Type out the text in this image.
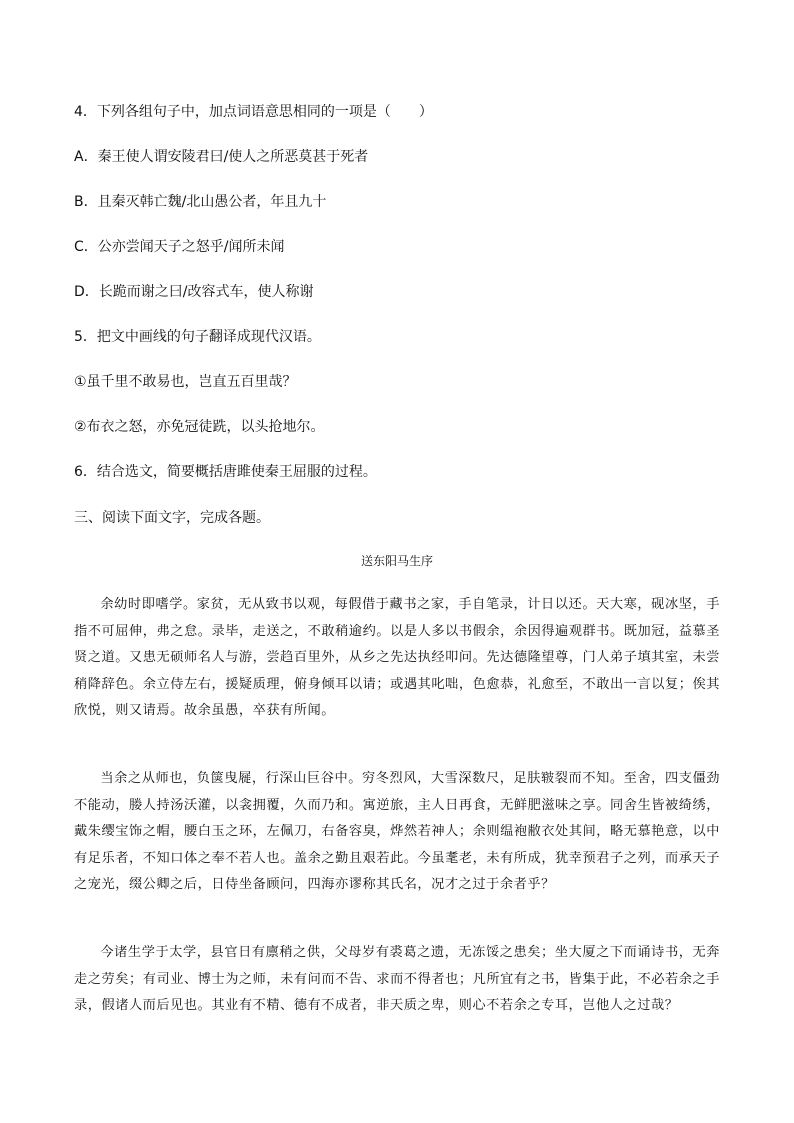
4．下列各组句子中，加点词语意思相同的一项是（　　）
A．秦王使人谓安陵君曰/使人之所恶莫甚于死者
B．且秦灭韩亡魏/北山愚公者，年且九十
C．公亦尝闻天子之怒乎/闻所未闻
D．长跪而谢之曰/改容式车，使人称谢
5．把文中画线的句子翻译成现代汉语。
①虽千里不敢易也，岂直五百里哉？
②布衣之怒，亦免冠徒跣，以头抢地尔。
6．结合选文，简要概括唐雎使秦王屈服的过程。
三、阅读下面文字，完成各题。
送东阳马生序

余幼时即嗜学。家贫，无从致书以观，每假借于藏书之家，手自笔录，计日以还。天大寒，砚冰坚，手指不可屈伸，弗之怠。录毕，走送之，不敢稍逾约。以是人多以书假余，余因得遍观群书。既加冠，益慕圣贤之道。又患无硕师名人与游，尝趋百里外，从乡之先达执经叩问。先达德隆望尊，门人弟子填其室，未尝稍降辞色。余立侍左右，援疑质理，俯身倾耳以请；或遇其叱咄，色愈恭，礼愈至，不敢出一言以复；俟其欣悦，则又请焉。故余虽愚，卒获有所闻。

当余之从师也，负箧曳屣，行深山巨谷中。穷冬烈风，大雪深数尺，足肤皲裂而不知。至舍，四支僵劲不能动，媵人持汤沃灌，以衾拥覆，久而乃和。寓逆旅，主人日再食，无鲜肥滋味之享。同舍生皆被绮绣，戴朱缨宝饰之帽，腰白玉之环，左佩刀，右备容臭，烨然若神人；余则缊袍敝衣处其间，略无慕艳意，以中有足乐者，不知口体之奉不若人也。盖余之勤且艰若此。今虽耄老，未有所成，犹幸预君子之列，而承天子之宠光，缀公卿之后，日侍坐备顾问，四海亦谬称其氏名，况才之过于余者乎？

今诸生学于太学，县官日有廪稍之供，父母岁有裘葛之遗，无冻馁之患矣；坐大厦之下而诵诗书，无奔走之劳矣；有司业、博士为之师，未有问而不告、求而不得者也；凡所宜有之书，皆集于此，不必若余之手录，假诸人而后见也。其业有不精、德有不成者，非天质之卑，则心不若余之专耳，岂他人之过哉？
